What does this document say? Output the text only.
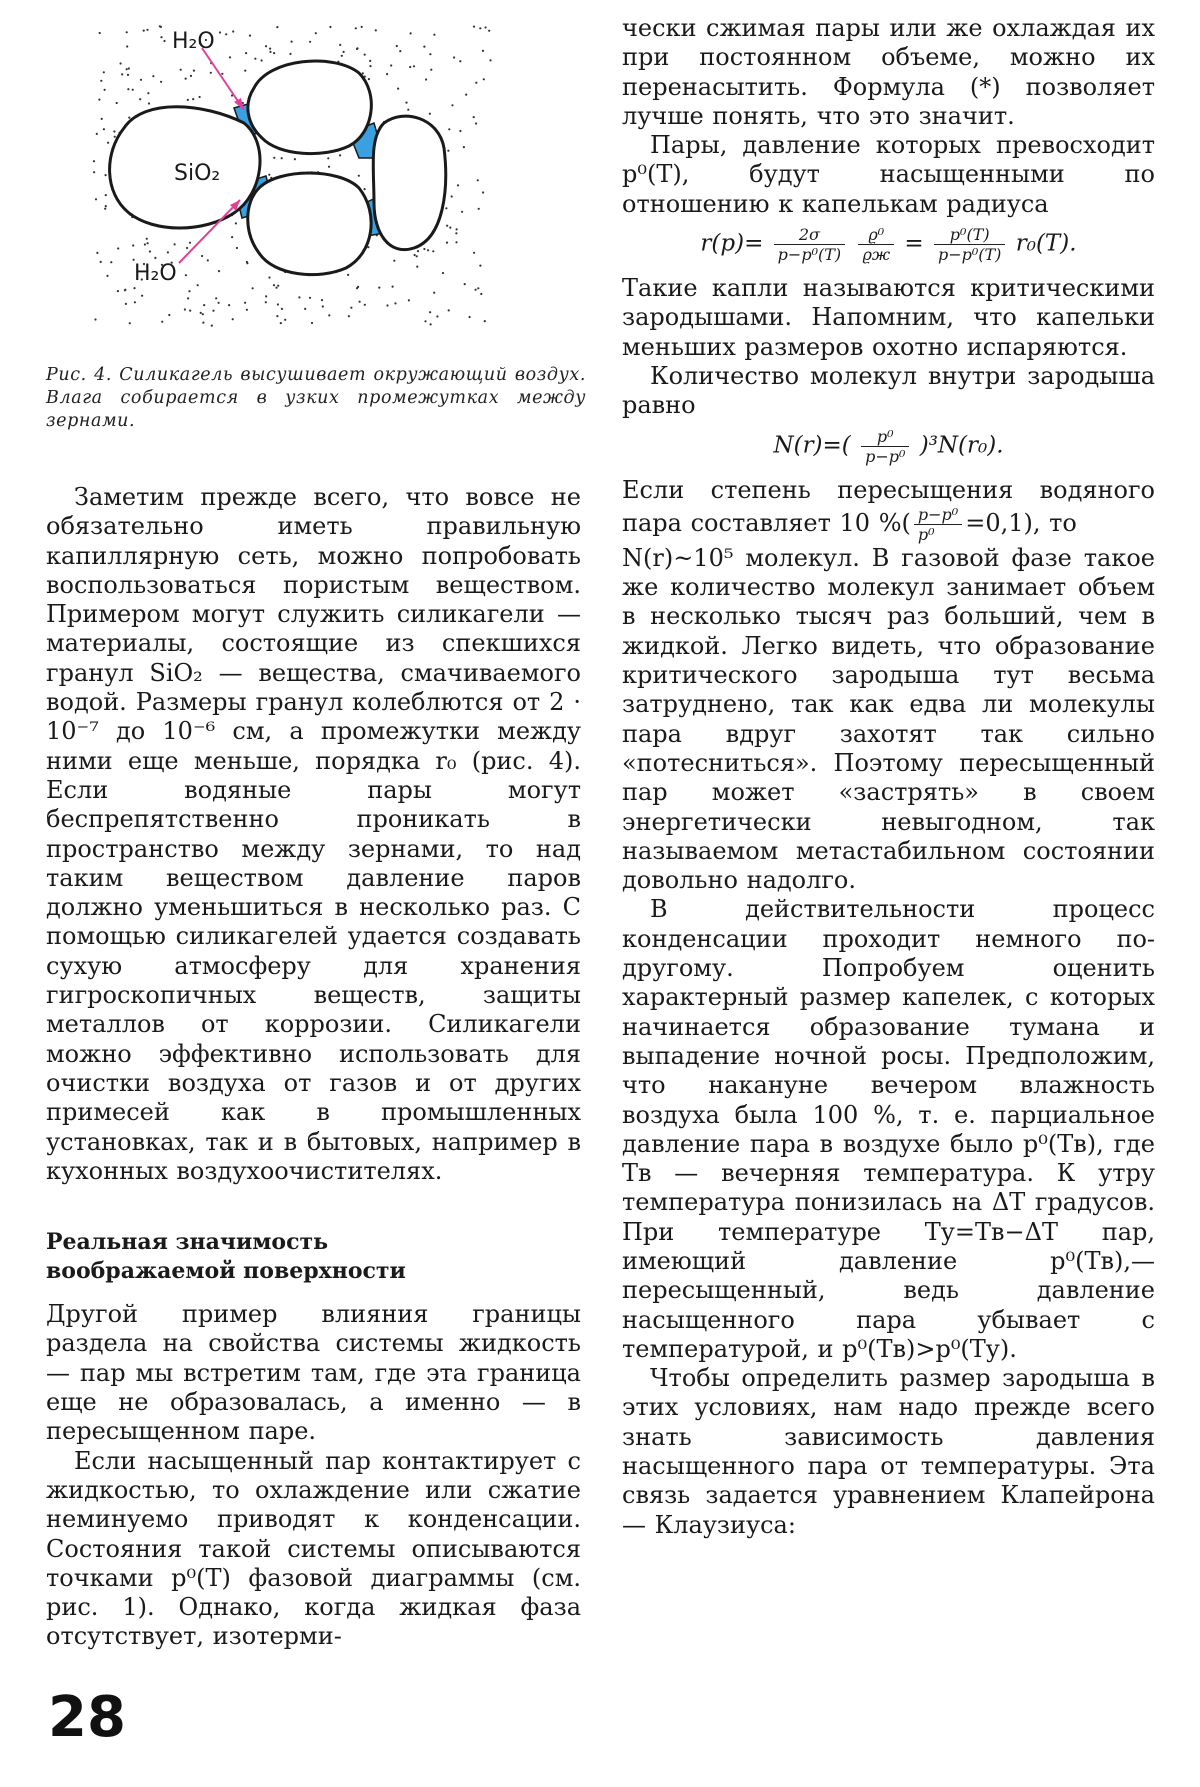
H₂O
SiO₂
H₂O
Рис. 4. Силикагель высушивает окружающий воздух. Влага собирается в узких промежутках между зернами.

Заметим прежде всего, что вовсе не обязательно иметь правильную капиллярную сеть, можно попробовать воспользоваться пористым веществом. Примером могут служить силикагели — материалы, состоящие из спекшихся гранул SiO₂ — вещества, смачиваемого водой. Размеры гранул колеблются от 2 · 10⁻⁷ до 10⁻⁶ см, а промежутки между ними еще меньше, порядка r₀ (рис. 4). Если водяные пары могут беспрепятственно проникать в пространство между зернами, то над таким веществом давление паров должно уменьшиться в несколько раз. С помощью силикагелей удается создавать сухую атмосферу для хранения гигроскопичных веществ, защиты металлов от коррозии. Силикагели можно эффективно использовать для очистки воздуха от газов и от других примесей как в промышленных установках, так и в бытовых, например в кухонных воздухоочистителях.

Реальная значимость

воображаемой поверхности

Другой пример влияния границы раздела на свойства системы жидкость — пар мы встретим там, где эта граница еще не образовалась, а именно — в пересыщенном паре.

Если насыщенный пар контактирует с жидкостью, то охлаждение или сжатие неминуемо приводят к конденсации. Состояния такой системы описываются точками p⁰(T) фазовой диаграммы (см. рис. 1). Однако, когда жидкая фаза отсутствует, изотерми-

чески сжимая пары или же охлаждая их при постоянном объеме, можно их перенасытить. Формула (*) позволяет лучше понять, что это значит.

Пары, давление которых превосходит p⁰(T), будут насыщенными по отношению к капелькам радиуса

$r(p)= \frac{2\sigma}{\text{p−p⁰(T)}}$
$\frac{\text{ϱ⁰}}{ϱж} = \frac{\text{p⁰(T)}}{\text{p−p⁰(T)}} r_0(T)$.

Такие капли называются критическими зародышами. Напомним, что капельки меньших размеров охотно испаряются.

Количество молекул внутри зародыша равно

$N(r)=( \frac{\text{p⁰}}{\text{p−p⁰}} )^3N(r_0)$.

Если степень пересыщения водяного пара составляет 10 %( $\frac{\text{p−p⁰}}{\text{p⁰}} =0,1$), то

N(r)~10⁵ молекул. В газовой фазе такое же количество молекул занимает объем в несколько тысяч раз больший, чем в жидкой. Легко видеть, что образование критического зародыша тут весьма затруднено, так как едва ли молекулы пара вдруг захотят так сильно «потесниться». Поэтому пересыщенный пар может «застрять» в своем энергетически невыгодном, так называемом метастабильном состоянии довольно надолго.

В действительности процесс конденсации проходит немного по-другому. Попробуем оценить характерный размер капелек, с которых начинается образование тумана и выпадение ночной росы. Предположим, что накануне вечером влажность воздуха была 100 %, т. е. парциальное давление пара в воздухе было p⁰(Tв), где Tв — вечерняя температура. К утру температура понизилась на ΔT градусов. При температуре Tу=Tв−ΔT пар, имеющий давление p⁰(Tв),— пересыщенный, ведь давление насыщенного пара убывает с температурой, и p⁰(Tв)>p⁰(Tу).

Чтобы определить размер зародыша в этих условиях, нам надо прежде всего знать зависимость давления насыщенного пара от температуры. Эта связь задается уравнением Клапейрона — Клаузиуса:

28
